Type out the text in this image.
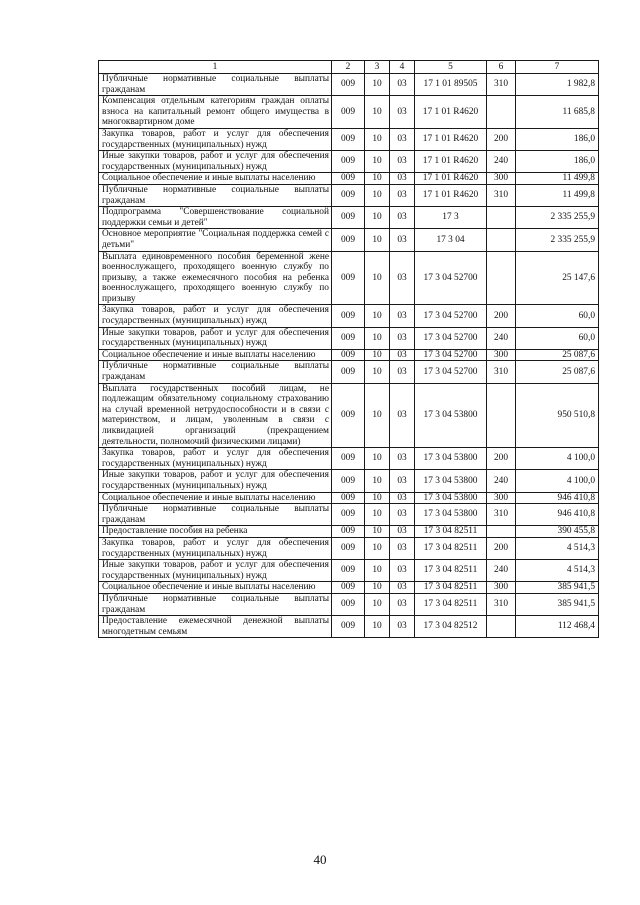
1	2	3	4	5	6	7
Публичные нормативные социальные выплаты гражданам	009	10	03	17 1 01 89505	310	1 982,8
Компенсация отдельным категориям граждан оплаты взноса на капитальный ремонт общего имущества в многоквартирном доме	009	10	03	17 1 01 R4620		11 685,8
Закупка товаров, работ и услуг для обеспечения государственных (муниципальных) нужд	009	10	03	17 1 01 R4620	200	186,0
Иные закупки товаров, работ и услуг для обеспечения государственных (муниципальных) нужд	009	10	03	17 1 01 R4620	240	186,0
Социальное обеспечение и иные выплаты населению	009	10	03	17 1 01 R4620	300	11 499,8
Публичные нормативные социальные выплаты гражданам	009	10	03	17 1 01 R4620	310	11 499,8
Подпрограмма "Совершенствование социальной поддержки семьи и детей"	009	10	03	17 3		2 335 255,9
Основное мероприятие "Социальная поддержка семей с детьми"	009	10	03	17 3 04		2 335 255,9
Выплата единовременного пособия беременной жене военнослужащего, проходящего военную службу по призыву, а также ежемесячного пособия на ребенка военнослужащего, проходящего военную службу по призыву	009	10	03	17 3 04 52700		25 147,6
Закупка товаров, работ и услуг для обеспечения государственных (муниципальных) нужд	009	10	03	17 3 04 52700	200	60,0
Иные закупки товаров, работ и услуг для обеспечения государственных (муниципальных) нужд	009	10	03	17 3 04 52700	240	60,0
Социальное обеспечение и иные выплаты населению	009	10	03	17 3 04 52700	300	25 087,6
Публичные нормативные социальные выплаты гражданам	009	10	03	17 3 04 52700	310	25 087,6
Выплата государственных пособий лицам, не подлежащим обязательному социальному страхованию на случай временной нетрудоспособности и в связи с материнством, и лицам, уволенным в связи с ликвидацией организаций (прекращением деятельности, полномочий физическими лицами)	009	10	03	17 3 04 53800		950 510,8
Закупка товаров, работ и услуг для обеспечения государственных (муниципальных) нужд	009	10	03	17 3 04 53800	200	4 100,0
Иные закупки товаров, работ и услуг для обеспечения государственных (муниципальных) нужд	009	10	03	17 3 04 53800	240	4 100,0
Социальное обеспечение и иные выплаты населению	009	10	03	17 3 04 53800	300	946 410,8
Публичные нормативные социальные выплаты гражданам	009	10	03	17 3 04 53800	310	946 410,8
Предоставление пособия на ребенка	009	10	03	17 3 04 82511		390 455,8
Закупка товаров, работ и услуг для обеспечения государственных (муниципальных) нужд	009	10	03	17 3 04 82511	200	4 514,3
Иные закупки товаров, работ и услуг для обеспечения государственных (муниципальных) нужд	009	10	03	17 3 04 82511	240	4 514,3
Социальное обеспечение и иные выплаты населению	009	10	03	17 3 04 82511	300	385 941,5
Публичные нормативные социальные выплаты гражданам	009	10	03	17 3 04 82511	310	385 941,5
Предоставление ежемесячной денежной выплаты многодетным семьям	009	10	03	17 3 04 82512		112 468,4
40
